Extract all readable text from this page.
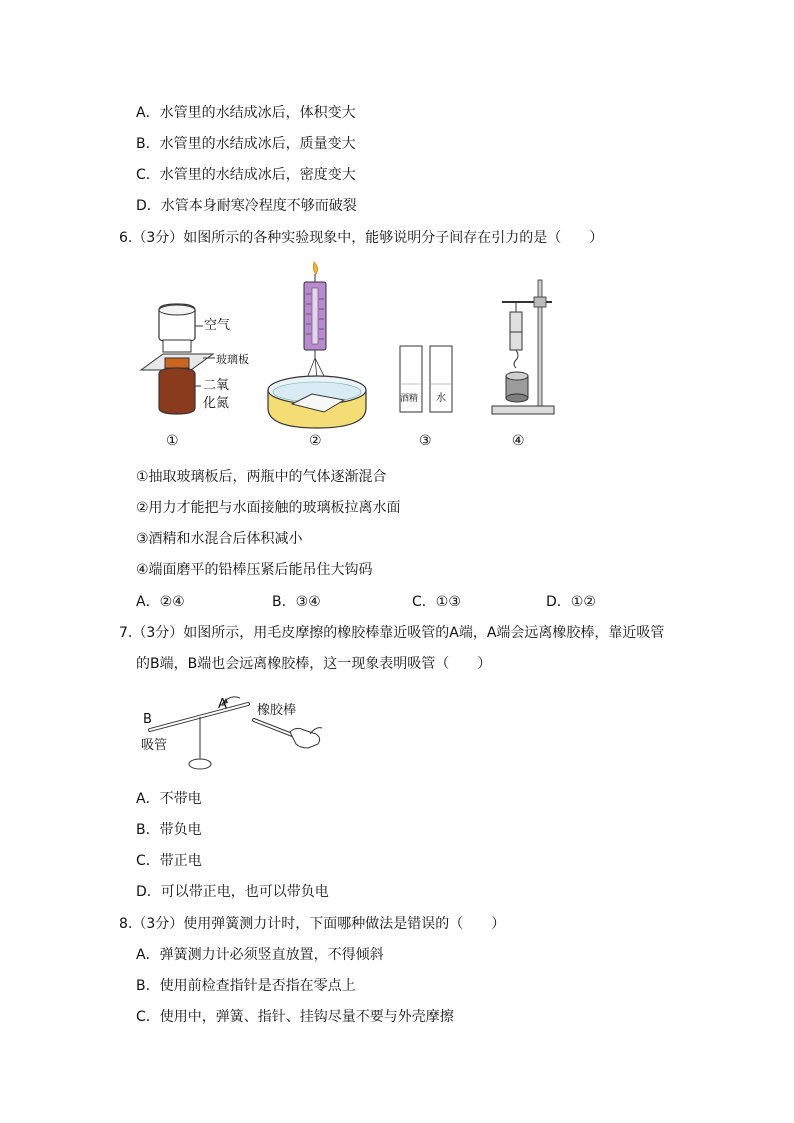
A．水管里的水结成冰后，体积变大
B．水管里的水结成冰后，质量变大
C．水管里的水结成冰后，密度变大
D．水管本身耐寒冷程度不够而破裂
6.（3分）如图所示的各种实验现象中，能够说明分子间存在引力的是（　　）
空气
玻璃板
二氧
化氮	酒精 水
①	②	③	④
①抽取玻璃板后，两瓶中的气体逐渐混合
②用力才能把与水面接触的玻璃板拉离水面
③酒精和水混合后体积减小
④端面磨平的铅棒压紧后能吊住大钩码
A．②④	B．③④	C．①③	D．①②
7.（3分）如图所示，用毛皮摩擦的橡胶棒靠近吸管的A端，A端会远离橡胶棒，靠近吸管
的B端，B端也会远离橡胶棒，这一现象表明吸管（　　）
B
A 橡胶棒
吸管
A．不带电
B．带负电
C．带正电
D．可以带正电，也可以带负电
8.（3分）使用弹簧测力计时，下面哪种做法是错误的（　　）
A．弹簧测力计必须竖直放置，不得倾斜
B．使用前检查指针是否指在零点上
C．使用中，弹簧、指针、挂钩尽量不要与外壳摩擦
